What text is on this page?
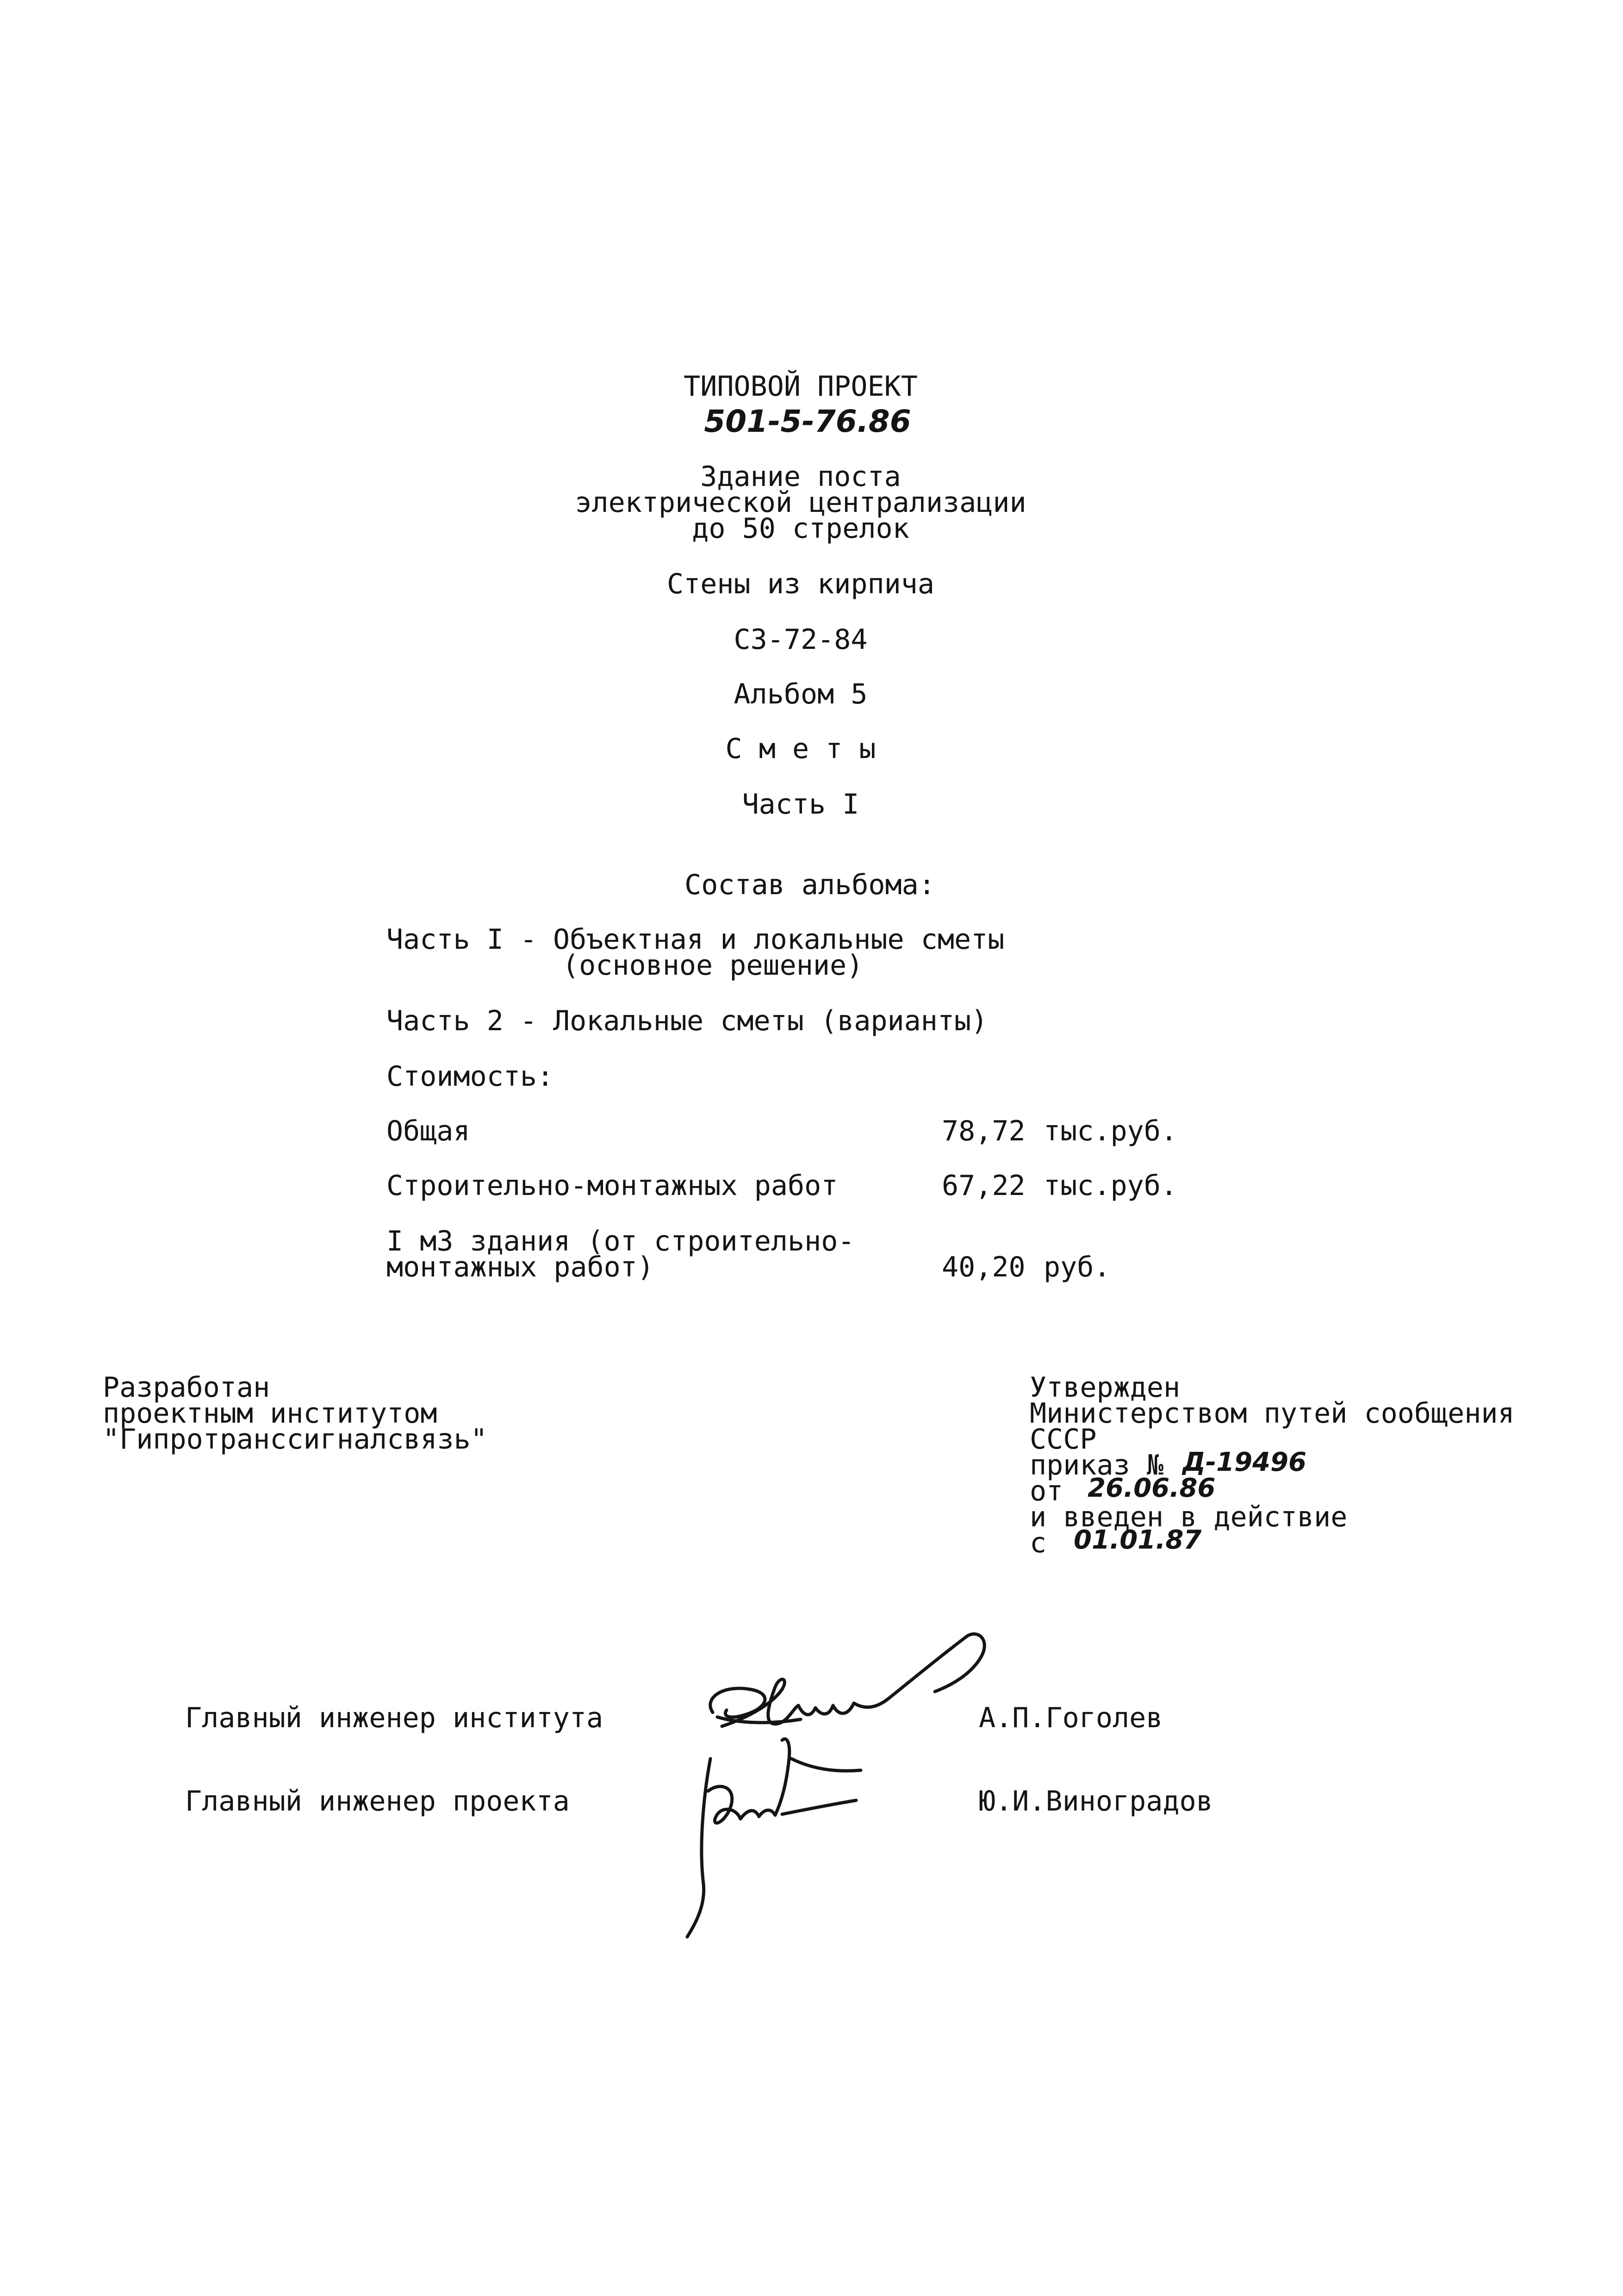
ТИПОВОЙ ПРОЕКТ
501-5-76.86
Здание поста
электрической централизации
до 50 стрелок
Стены из кирпича
СЗ-72-84
Альбом 5
С м е т ы
Часть I
Состав альбома:
Часть I -
Объектная и локальные сметы
(основное решение)
Часть 2 -
Локальные сметы (варианты)
Стоимость:
Общая	78,72 тыс.руб.
Строительно-монтажных работ	67,22 тыс.руб.
I м3 здания (от строительно-
монтажных работ)	40,20 руб.
Разработан
проектным институтом
"Гипротранссигналсвязь"
Утвержден
Министерством путей сообщения
СССР
приказ № Д-19496
от 26.06.86
и введен в действие
с 01.01.87
Главный инженер института	А.П.Гоголев
Главный инженер проекта	Ю.И.Виноградов
